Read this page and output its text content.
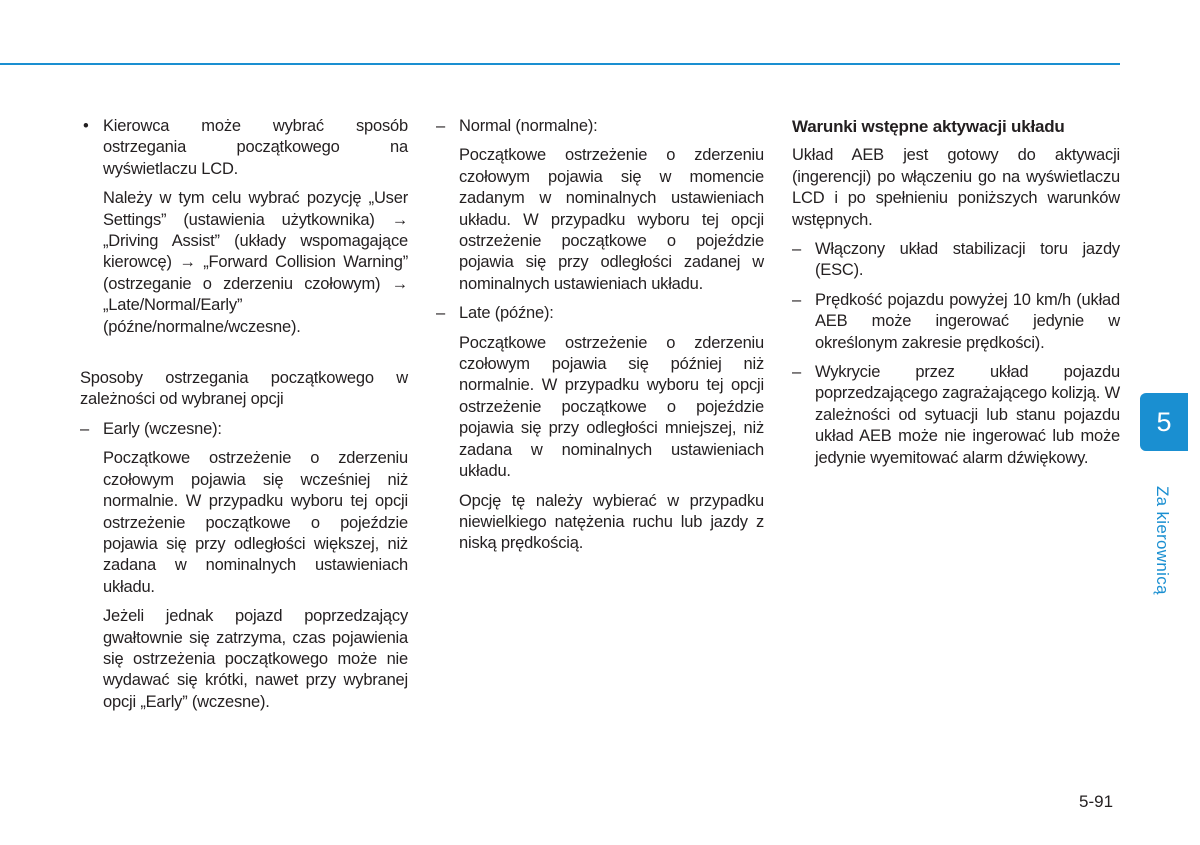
• Kierowca może wybrać sposób ostrzegania początkowego na wyświetlaczu LCD.

Należy w tym celu wybrać pozycję „User Settings” (ustawienia użytkownika) → „Driving Assist” (układy wspomagające kierowcę) → „Forward Collision Warning” (ostrzeganie o zderzeniu czołowym) → „Late/Normal/Early” (późne/normalne/wczesne).

Sposoby ostrzegania początkowego w zależności od wybranej opcji

– Early (wczesne):

Początkowe ostrzeżenie o zderzeniu czołowym pojawia się wcześniej niż normalnie. W przypadku wyboru tej opcji ostrzeżenie początkowe o pojeździe pojawia się przy odległości większej, niż zadana w nominalnych ustawieniach układu.

Jeżeli jednak pojazd poprzedzający gwałtownie się zatrzyma, czas pojawienia się ostrzeżenia początkowego może nie wydawać się krótki, nawet przy wybranej opcji „Early” (wczesne).

– Normal (normalne):

Początkowe ostrzeżenie o zderzeniu czołowym pojawia się w momencie zadanym w nominalnych ustawieniach układu. W przypadku wyboru tej opcji ostrzeżenie początkowe o pojeździe pojawia się przy odległości zadanej w nominalnych ustawieniach układu.

– Late (późne):

Początkowe ostrzeżenie o zderzeniu czołowym pojawia się później niż normalnie. W przypadku wyboru tej opcji ostrzeżenie początkowe o pojeździe pojawia się przy odległości mniejszej, niż zadana w nominalnych ustawieniach układu.

Opcję tę należy wybierać w przypadku niewielkiego natężenia ruchu lub jazdy z niską prędkością.

Warunki wstępne aktywacji układu

Układ AEB jest gotowy do aktywacji (ingerencji) po włączeniu go na wyświetlaczu LCD i po spełnieniu poniższych warunków wstępnych.

– Włączony układ stabilizacji toru jazdy (ESC).

– Prędkość pojazdu powyżej 10 km/h (układ AEB może ingerować jedynie w określonym zakresie prędkości).

– Wykrycie przez układ pojazdu poprzedzającego zagrażającego kolizją. W zależności od sytuacji lub stanu pojazdu układ AEB może nie ingerować lub może jedynie wyemitować alarm dźwiękowy.

5
Za kierownicą
5-91
